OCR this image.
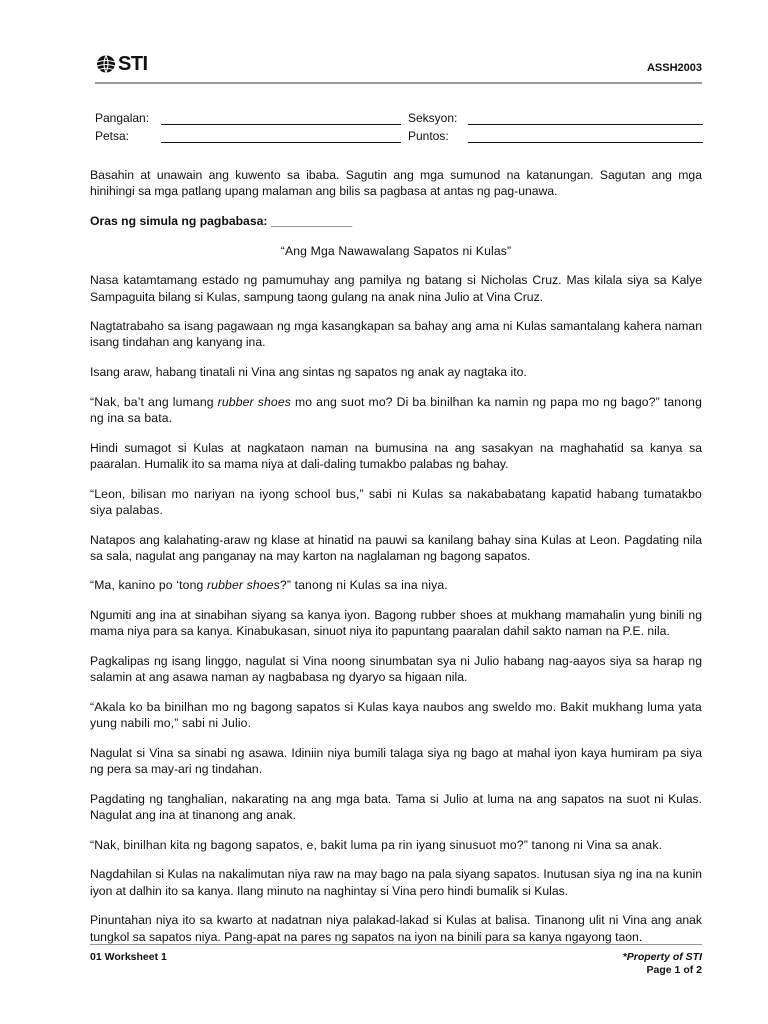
STI	ASSH2003
Pangalan:	Seksyon:
Petsa:	Puntos:

Basahin at unawain ang kuwento sa ibaba. Sagutin ang mga sumunod na katanungan. Sagutan ang mga hinihingi sa mga patlang upang malaman ang bilis sa pagbasa at antas ng pag-unawa.

Oras ng simula ng pagbabasa: ____________

“Ang Mga Nawawalang Sapatos ni Kulas”

Nasa katamtamang estado ng pamumuhay ang pamilya ng batang si Nicholas Cruz. Mas kilala siya sa Kalye Sampaguita bilang si Kulas, sampung taong gulang na anak nina Julio at Vina Cruz.

Nagtatrabaho sa isang pagawaan ng mga kasangkapan sa bahay ang ama ni Kulas samantalang kahera naman isang tindahan ang kanyang ina.

Isang araw, habang tinatali ni Vina ang sintas ng sapatos ng anak ay nagtaka ito.

“Nak, ba’t ang lumang rubber shoes mo ang suot mo? Di ba binilhan ka namin ng papa mo ng bago?” tanong ng ina sa bata.

Hindi sumagot si Kulas at nagkataon naman na bumusina na ang sasakyan na maghahatid sa kanya sa paaralan. Humalik ito sa mama niya at dali-daling tumakbo palabas ng bahay.

“Leon, bilisan mo nariyan na iyong school bus,” sabi ni Kulas sa nakababatang kapatid habang tumatakbo siya palabas.

Natapos ang kalahating-araw ng klase at hinatid na pauwi sa kanilang bahay sina Kulas at Leon. Pagdating nila sa sala, nagulat ang panganay na may karton na naglalaman ng bagong sapatos.

“Ma, kanino po ‘tong rubber shoes?” tanong ni Kulas sa ina niya.

Ngumiti ang ina at sinabihan siyang sa kanya iyon. Bagong rubber shoes at mukhang mamahalin yung binili ng mama niya para sa kanya. Kinabukasan, sinuot niya ito papuntang paaralan dahil sakto naman na P.E. nila.

Pagkalipas ng isang linggo, nagulat si Vina noong sinumbatan sya ni Julio habang nag-aayos siya sa harap ng salamin at ang asawa naman ay nagbabasa ng dyaryo sa higaan nila.

“Akala ko ba binilhan mo ng bagong sapatos si Kulas kaya naubos ang sweldo mo. Bakit mukhang luma yata yung nabili mo,” sabi ni Julio.

Nagulat si Vina sa sinabi ng asawa. Idiniin niya bumili talaga siya ng bago at mahal iyon kaya humiram pa siya ng pera sa may-ari ng tindahan.

Pagdating ng tanghalian, nakarating na ang mga bata. Tama si Julio at luma na ang sapatos na suot ni Kulas. Nagulat ang ina at tinanong ang anak.

“Nak, binilhan kita ng bagong sapatos, e, bakit luma pa rin iyang sinusuot mo?” tanong ni Vina sa anak.

Nagdahilan si Kulas na nakalimutan niya raw na may bago na pala siyang sapatos. Inutusan siya ng ina na kunin iyon at dalhin ito sa kanya. Ilang minuto na naghintay si Vina pero hindi bumalik si Kulas.

Pinuntahan niya ito sa kwarto at nadatnan niya palakad-lakad si Kulas at balisa. Tinanong ulit ni Vina ang anak tungkol sa sapatos niya. Pang-apat na pares ng sapatos na iyon na binili para sa kanya ngayong taon.

01 Worksheet 1	*Property of STI
Page 1 of 2
